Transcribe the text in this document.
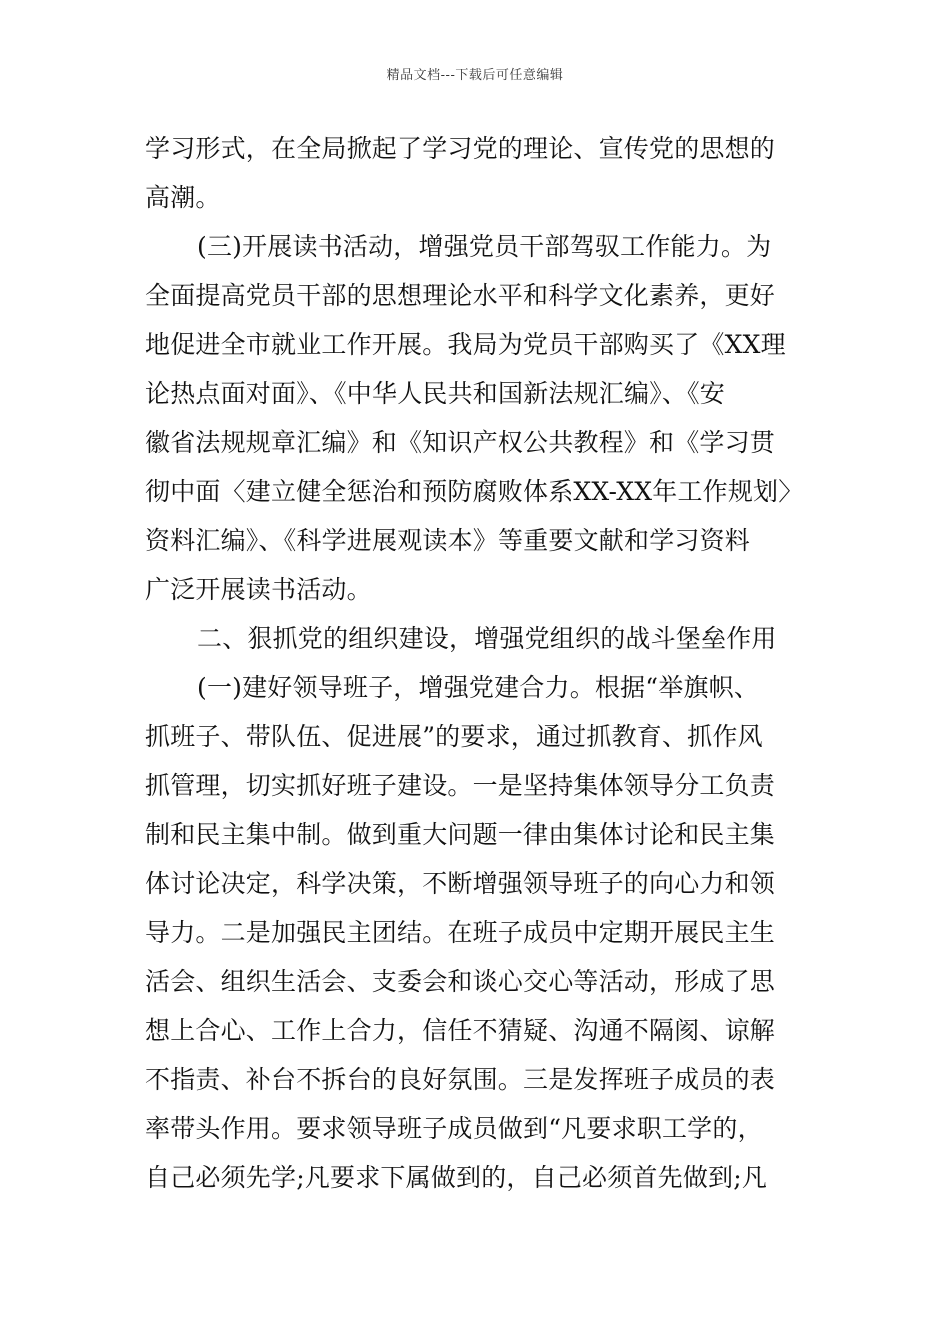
精品文档---下载后可任意编辑
学习形式，在全局掀起了学习党的理论、宣传党的思想的
高潮。
(三)开展读书活动，增强党员干部驾驭工作能力。为
全面提高党员干部的思想理论水平和科学文化素养，更好
地促进全市就业工作开展。我局为党员干部购买了《XX理
论热点面对面》、《中华人民共和国新法规汇编》、《安
徽省法规规章汇编》和《知识产权公共教程》和《学习贯
彻中面〈建立健全惩治和预防腐败体系XX-XX年工作规划〉
资料汇编》、《科学进展观读本》等重要文献和学习资料
广泛开展读书活动。
二、狠抓党的组织建设，增强党组织的战斗堡垒作用
(一)建好领导班子，增强党建合力。根据“举旗帜、
抓班子、带队伍、促进展”的要求，通过抓教育、抓作风
抓管理，切实抓好班子建设。一是坚持集体领导分工负责
制和民主集中制。做到重大问题一律由集体讨论和民主集
体讨论决定，科学决策，不断增强领导班子的向心力和领
导力。二是加强民主团结。在班子成员中定期开展民主生
活会、组织生活会、支委会和谈心交心等活动，形成了思
想上合心、工作上合力，信任不猜疑、沟通不隔阂、谅解
不指责、补台不拆台的良好氛围。三是发挥班子成员的表
率带头作用。要求领导班子成员做到“凡要求职工学的，
自己必须先学;凡要求下属做到的，自己必须首先做到;凡
